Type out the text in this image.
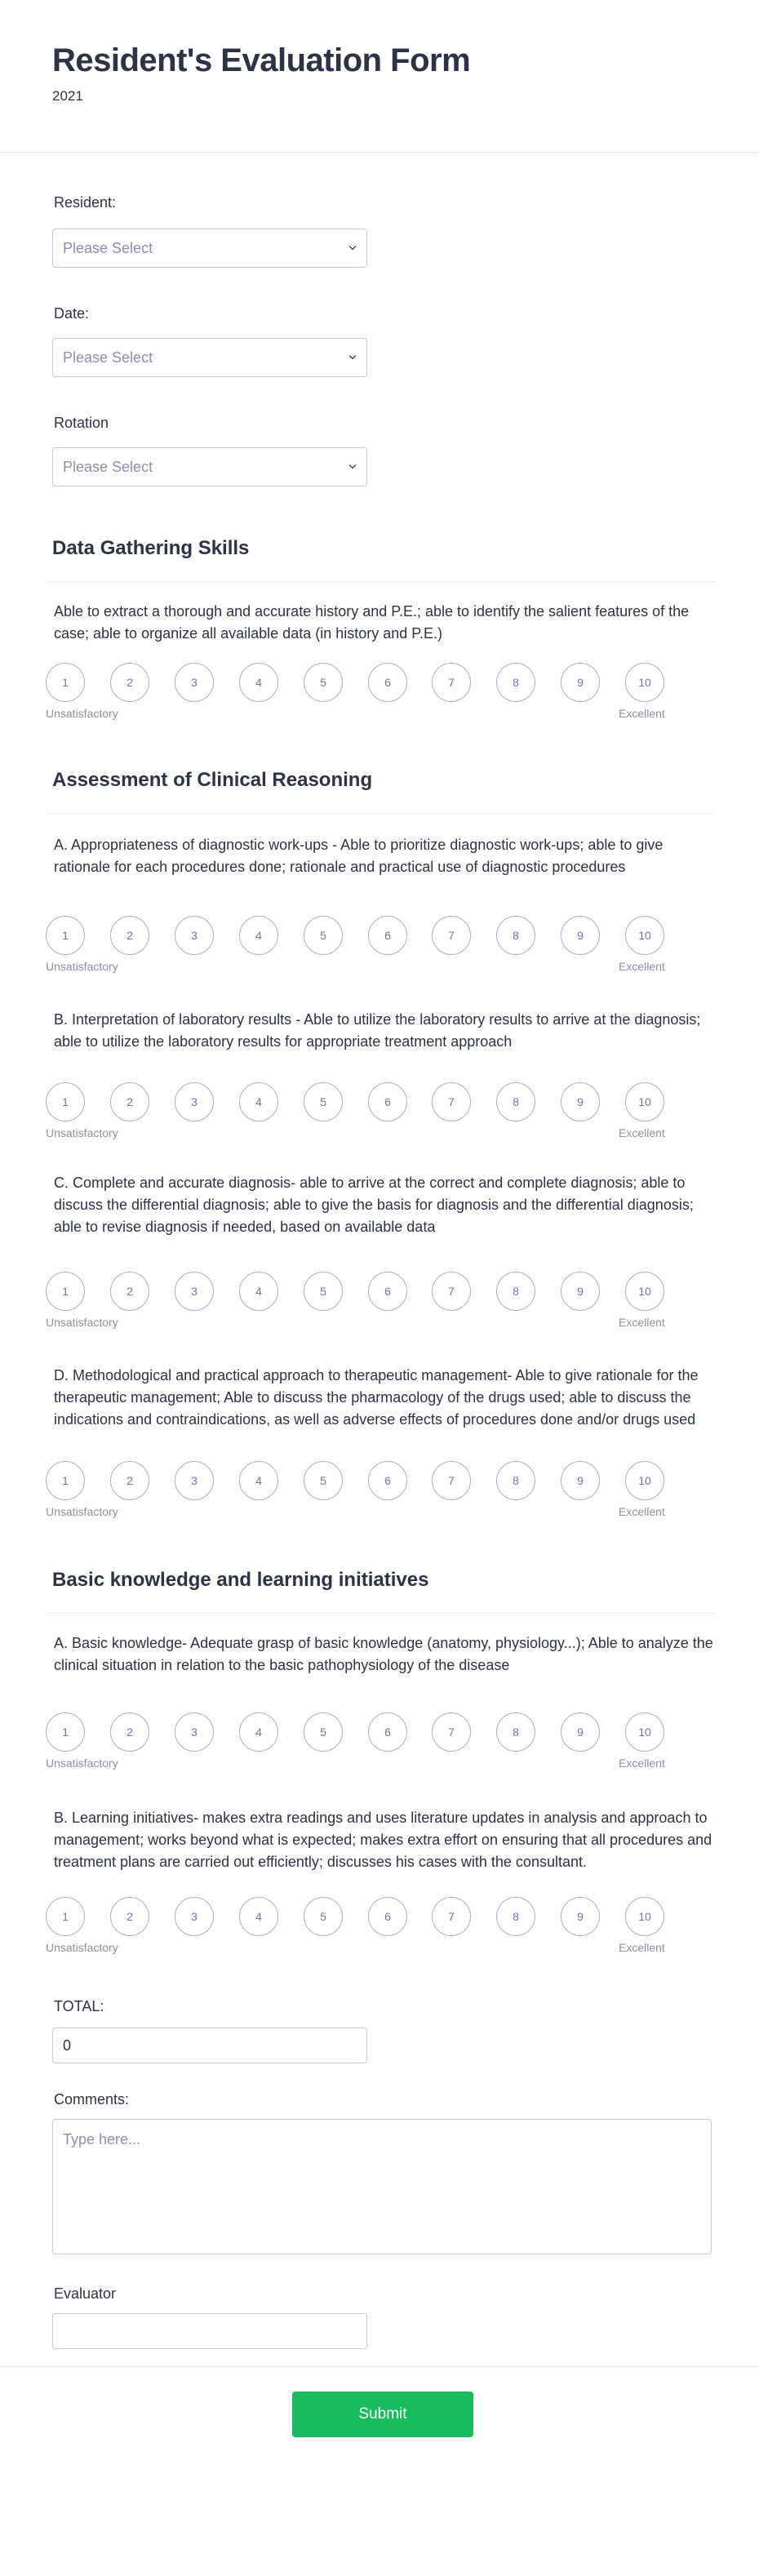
Resident's Evaluation Form
2021
Resident:
Please Select
Date:
Please Select
Rotation
Please Select
Data Gathering Skills
Able to extract a thorough and accurate history and P.E.; able to identify the salient features of the case; able to organize all available data (in history and P.E.)
1	2	3	4	5	6	7	8	9	10
Unsatisfactory	Excellent
Assessment of Clinical Reasoning
A. Appropriateness of diagnostic work-ups - Able to prioritize diagnostic work-ups; able to give rationale for each procedures done; rationale and practical use of diagnostic procedures
1	2	3	4	5	6	7	8	9	10
Unsatisfactory	Excellent
B. Interpretation of laboratory results - Able to utilize the laboratory results to arrive at the diagnosis; able to utilize the laboratory results for appropriate treatment approach
1	2	3	4	5	6	7	8	9	10
Unsatisfactory	Excellent
C. Complete and accurate diagnosis- able to arrive at the correct and complete diagnosis; able to discuss the differential diagnosis; able to give the basis for diagnosis and the differential diagnosis; able to revise diagnosis if needed, based on available data
1	2	3	4	5	6	7	8	9	10
Unsatisfactory	Excellent
D. Methodological and practical approach to therapeutic management- Able to give rationale for the therapeutic management; Able to discuss the pharmacology of the drugs used; able to discuss the indications and contraindications, as well as adverse effects of procedures done and/or drugs used
1	2	3	4	5	6	7	8	9	10
Unsatisfactory	Excellent
Basic knowledge and learning initiatives
A. Basic knowledge- Adequate grasp of basic knowledge (anatomy, physiology...); Able to analyze the clinical situation in relation to the basic pathophysiology of the disease
1	2	3	4	5	6	7	8	9	10
Unsatisfactory	Excellent
B. Learning initiatives- makes extra readings and uses literature updates in analysis and approach to management; works beyond what is expected; makes extra effort on ensuring that all procedures and treatment plans are carried out efficiently; discusses his cases with the consultant.
1	2	3	4	5	6	7	8	9	10
Unsatisfactory	Excellent
TOTAL:
0
Comments:
Type here...
Evaluator
Submit
